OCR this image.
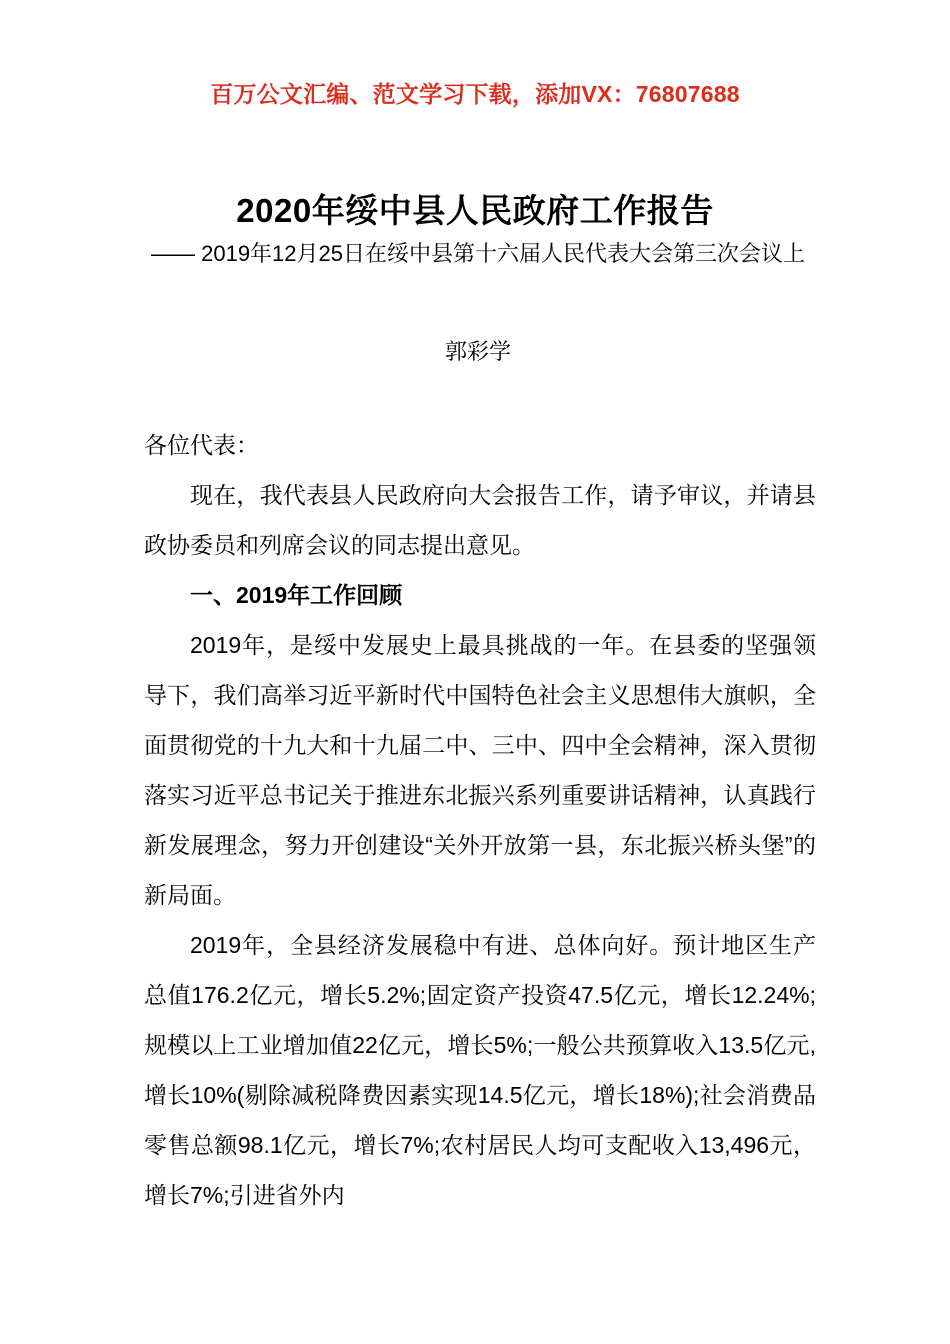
百万公文汇编、范文学习下载，添加VX：76807688
2020年绥中县人民政府工作报告
—— 2019年12月25日在绥中县第十六届人民代表大会第三次会议上
郭彩学

各位代表：

现在，我代表县人民政府向大会报告工作，请予审议，并请县政协委员和列席会议的同志提出意见。

一、2019年工作回顾

2019年，是绥中发展史上最具挑战的一年。在县委的坚强领导下，我们高举习近平新时代中国特色社会主义思想伟大旗帜，全面贯彻党的十九大和十九届二中、三中、四中全会精神，深入贯彻落实习近平总书记关于推进东北振兴系列重要讲话精神，认真践行新发展理念，努力开创建设“关外开放第一县，东北振兴桥头堡”的新局面。

2019年，全县经济发展稳中有进、总体向好。预计地区生产总值176.2亿元，增长5.2%;固定资产投资47.5亿元，增长12.24%;规模以上工业增加值22亿元，增长5%;一般公共预算收入13.5亿元,增长10%(剔除减税降费因素实现14.5亿元，增长18%);社会消费品零售总额98.1亿元，增长7%;农村居民人均可支配收入13,496元，增长7%;引进省外内
